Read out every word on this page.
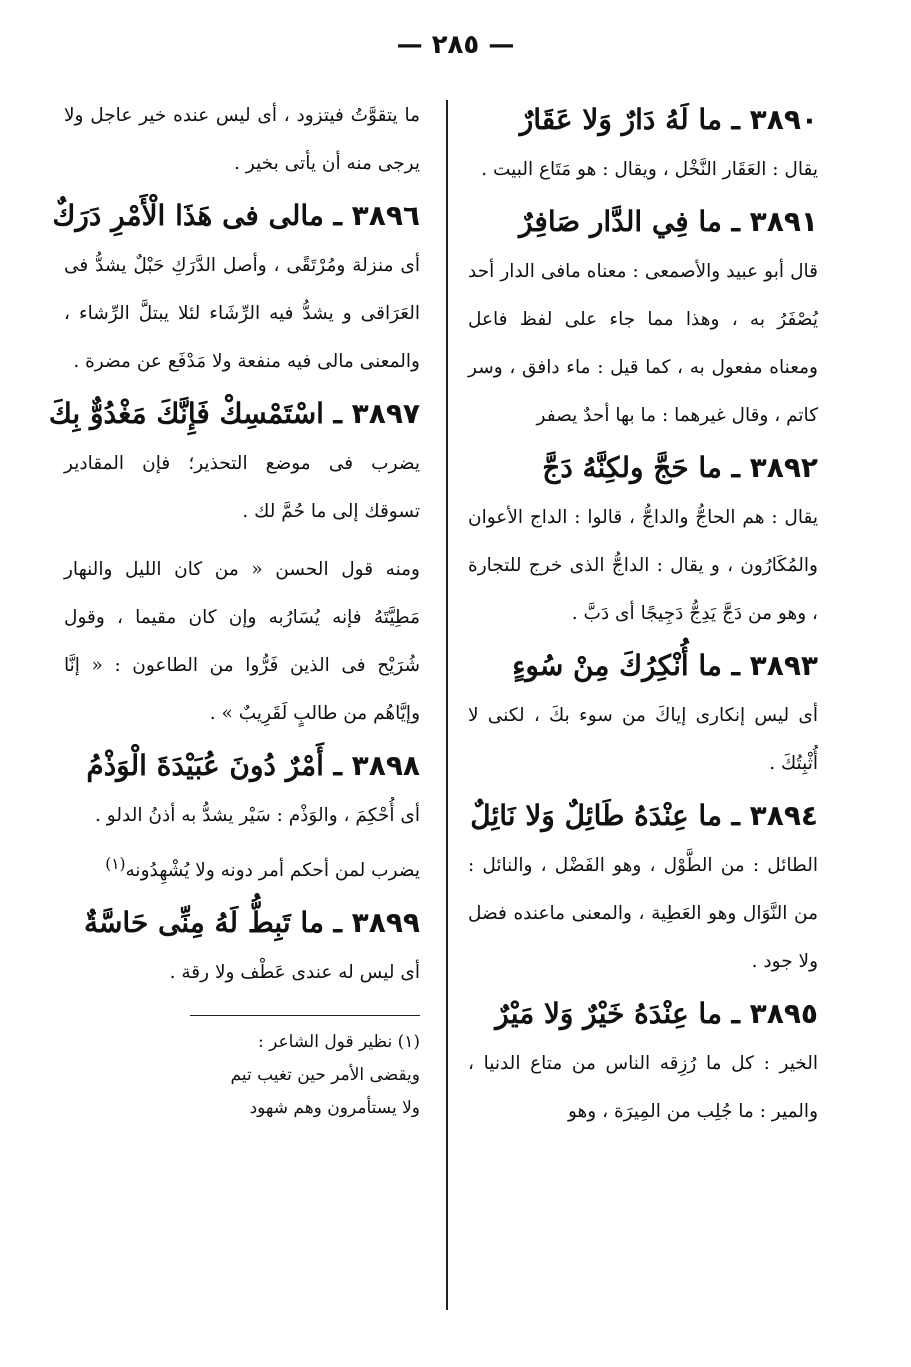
— ٢٨٥ —
٣٨٩٠ ـ ما لَهُ دَارٌ وَلا عَقَارٌ

يقال : العَقَار النَّخْل ، ويقال : هو مَتَاع البيت .

٣٨٩١ ـ ما فِي الدَّار صَافِرٌ

قال أبو عبيد والأصمعى : معناه مافى الدار أحد يُصْفَرُ به ، وهذا مما جاء على لفظ فاعل ومعناه مفعول به ، كما قيل : ماء دافق ، وسر كاتم ، وقال غيرهما : ما بها أحدٌ يصفر

٣٨٩٢ ـ ما حَجَّ ولكِنَّهُ دَجَّ

يقال : هم الحاجُّ والداجُّ ، قالوا : الداج الأعوان والمُكَارُون ، و يقال : الداجُّ الذى خرج للتجارة ، وهو من دَجَّ يَدِجُّ دَجِيجًا أى دَبَّ .

٣٨٩٣ ـ ما أُنْكِرُكَ مِنْ سُوءٍ

أى ليس إنكارى إياكَ من سوء بكَ ، لكنى لا أُثْبِتُكَ .

٣٨٩٤ ـ ما عِنْدَهُ طَائِلٌ وَلا نَائِلٌ

الطائل : من الطَّوْل ، وهو الفَضْل ، والنائل : من النَّوَال وهو العَطِية ، والمعنى ماعنده فضل ولا جود .

٣٨٩٥ ـ ما عِنْدَهُ خَيْرٌ وَلا مَيْرٌ

الخير : كل ما رُزِقه الناس من متاع الدنيا ، والمير : ما جُلِب من المِيرَة ، وهو

ما يتقوَّتُ فيتزود ، أى ليس عنده خير عاجل ولا يرجى منه أن يأتى بخير .

٣٨٩٦ ـ مالى فى هَذَا الْأَمْرِ دَرَكٌ

أى منزلة ومُرْتَقًى ، وأصل الدَّرَكِ حَبْلٌ يشدُّ فى العَرَاقى و يشدُّ فيه الرِّشَاء لئلا يبتلَّ الرِّشاء ، والمعنى مالى فيه منفعة ولا مَدْفَع عن مضرة .

٣٨٩٧ ـ اسْتَمْسِكْ فَإِنَّكَ مَغْدُوٌّ بِكَ

يضرب فى موضع التحذير؛ فإن المقادير تسوقك إلى ما حُمَّ لك .

ومنه قول الحسن « من كان الليل والنهار مَطِيَّتَهُ فإنه يُسَارُبه وإن كان مقيما ، وقول شُرَيْح فى الذين فَرُّوا من الطاعون : « إنَّا وإيَّاهُم من طالبٍ لَقَرِيبٌ » .

٣٨٩٨ ـ أَمْرٌ دُونَ عُبَيْدَةَ الْوَذْمُ

أى أُحْكِمَ ، والوَذْم : سَيْر يشدُّ به أذنُ الدلو .

يضرب لمن أحكم أمر دونه ولا يُشْهِدُونه$^{(١)}$

٣٨٩٩ ـ ما تَبِطُّ لَهُ مِنِّى حَاسَّةٌ

أى ليس له عندى عَطْف ولا رقة .

(١) نظير قول الشاعر :

ويقضى الأمر حين تغيب تيم

ولا يستأمرون وهم شهود
